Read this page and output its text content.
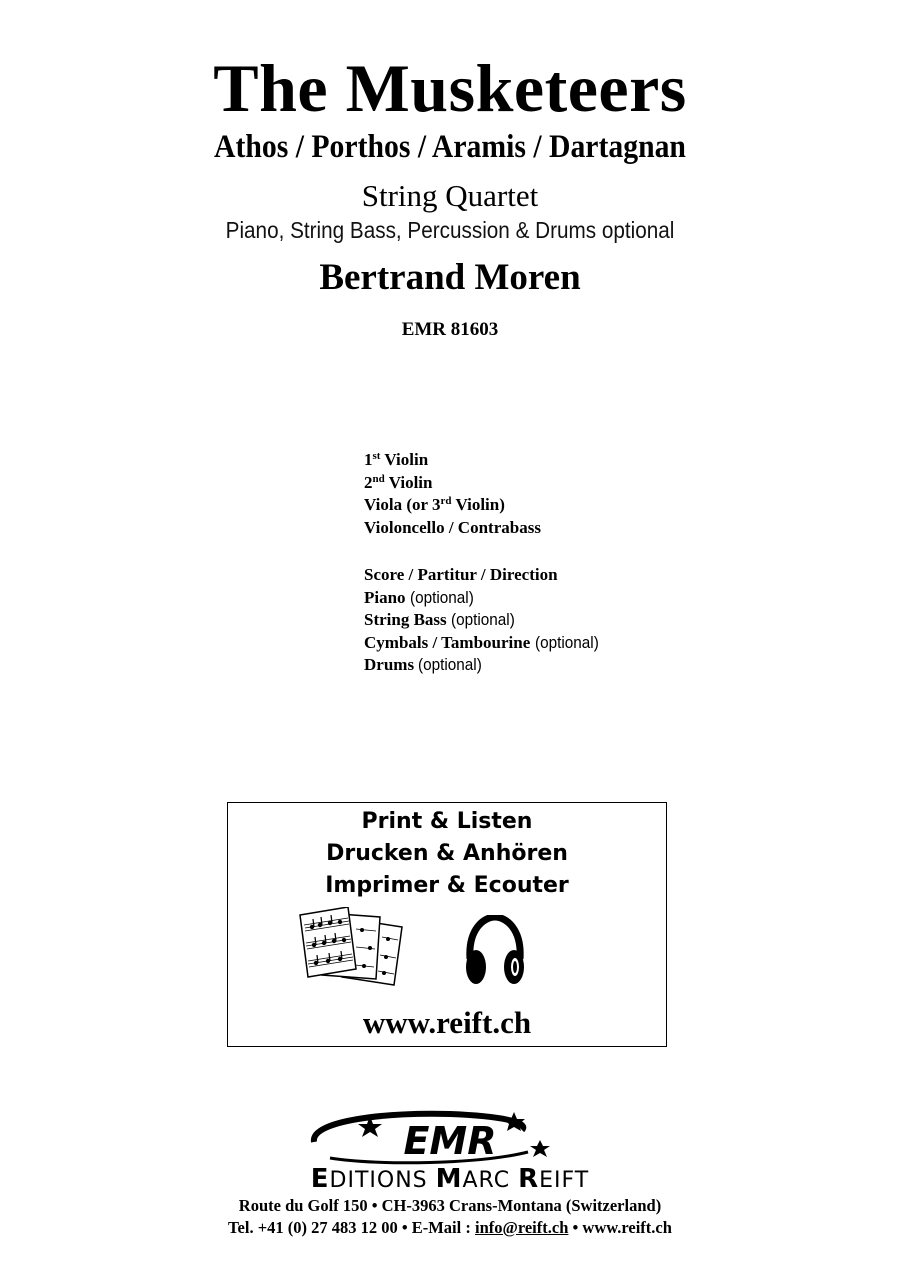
The Musketeers
Athos / Porthos / Aramis / Dartagnan
String Quartet
Piano, String Bass, Percussion & Drums optional
Bertrand Moren
EMR 81603
1st Violin
2nd Violin
Viola (or 3rd Violin)
Violoncello / Contrabass
Score / Partitur / Direction
Piano (optional)
String Bass (optional)
Cymbals / Tambourine (optional)
Drums (optional)
Print & Listen
Drucken & Anhören
Imprimer & Ecouter
www.reift.ch
EMR
EDITIONS MARC REIFT
Route du Golf 150 • CH-3963 Crans-Montana (Switzerland)
Tel. +41 (0) 27 483 12 00 • E-Mail : info@reift.ch • www.reift.ch
